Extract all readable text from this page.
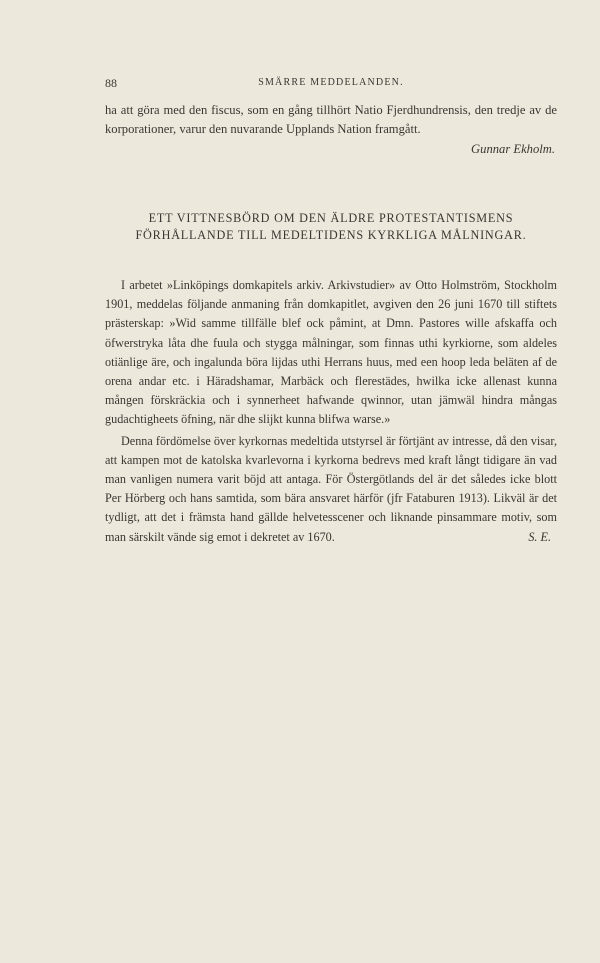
88	SMÄRRE MEDDELANDEN.

ha att göra med den fiscus, som en gång tillhört Natio Fjerdhundrensis, den tredje av de korporationer, varur den nuvarande Upplands Nation framgått.

Gunnar Ekholm.

ETT VITTNESBÖRD OM DEN ÄLDRE PROTESTANTISMENS FÖRHÅLLANDE TILL MEDELTIDENS KYRKLIGA MÅLNINGAR.

I arbetet »Linköpings domkapitels arkiv. Arkivstudier» av Otto Holmström, Stockholm 1901, meddelas följande anmaning från domkapitlet, avgiven den 26 juni 1670 till stiftets prästerskap: »Wid samme tillfälle blef ock påmint, at Dmn. Pastores wille afskaffa och öfwerstryka låta dhe fuula och stygga målningar, som finnas uthi kyrkiorne, som aldeles otiänlige äre, och ingalunda böra lijdas uthi Herrans huus, med een hoop leda beläten af de orena andar etc. i Häradshamar, Marbäck och flerestädes, hwilka icke allenast kunna mången förskräckia och i synnerheet hafwande qwinnor, utan jämwäl hindra mångas gudachtigheets öfning, när dhe slijkt kunna blifwa warse.»

Denna fördömelse över kyrkornas medeltida utstyrsel är förtjänt av intresse, då den visar, att kampen mot de katolska kvarlevorna i kyrkorna bedrevs med kraft långt tidigare än vad man vanligen numera varit böjd att antaga. För Östergötlands del är det således icke blott Per Hörberg och hans samtida, som bära ansvaret härför (jfr Fataburen 1913). Likväl är det tydligt, att det i främsta hand gällde helvetesscener och liknande pinsammare motiv, som man särskilt vände sig emot i dekretet av 1670.	S. E.
